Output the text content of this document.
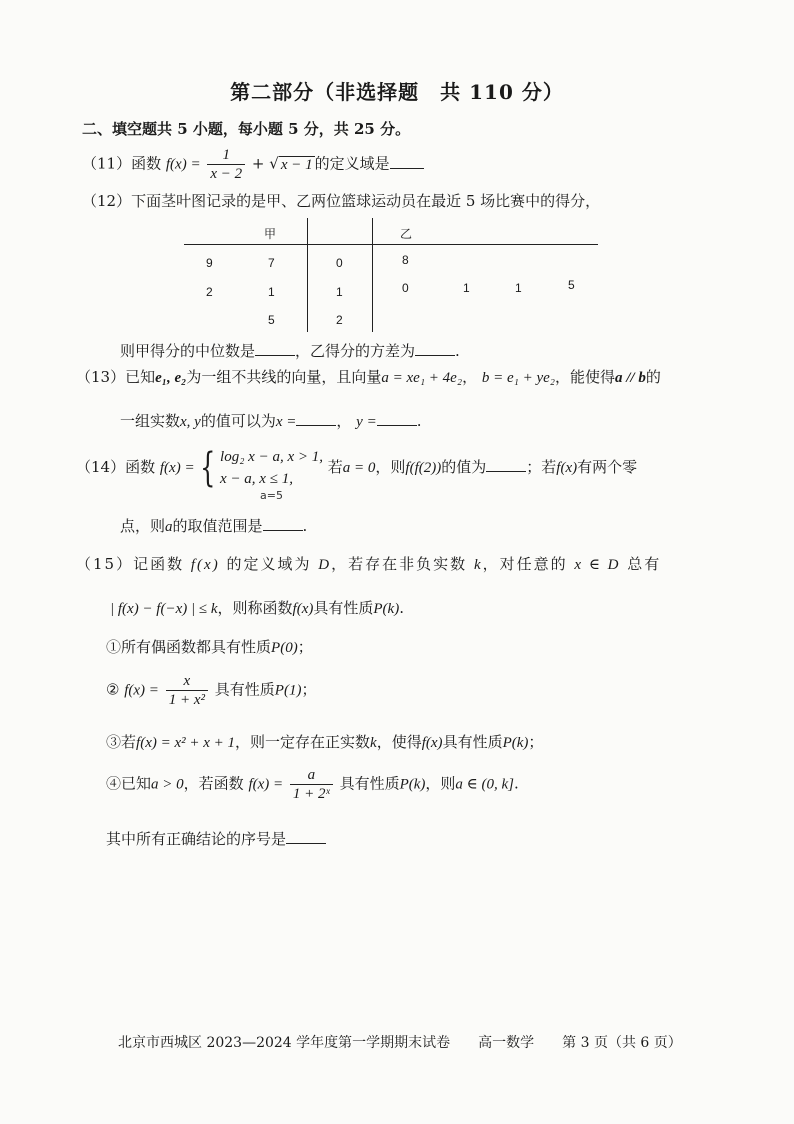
第二部分（非选择题　共 110 分）
二、填空题共 5 小题，每小题 5 分，共 25 分。
（11）函数 $f(x) = \frac{1}{x - 2}$ + √ x − 1 的定义域是
（12）下面茎叶图记录的是甲、乙两位篮球运动员在最近 5 场比赛中的得分，
甲	乙
9	7	0	8
2	1	1	0	1	1	5
5	2
则甲得分的中位数是	，乙得分的方差为	.
（13）已知e₁, e₂为一组不共线的向量，且向量a = xe₁ + 4e₂， b = e₁ + ye₂，能使得a // b的
一组实数x, y的值可以为x =	， y =	.
（14）函数 f(x) = { log₂ x − a, x > 1,
x − a, x ≤ 1,
若a = 0，则f(f(2))的值为	；若f(x)有两个零
a=5
点，则a的取值范围是	.
（15）记函数 f(x) 的定义域为 D，若存在非负实数 k，对任意的 x ∈ D 总有
| f(x) − f(−x) | ≤ k，则称函数f(x)具有性质P(k).
①所有偶函数都具有性质P(0)；
② $f(x) = \frac{x}{\text{1 + x²}}$ 具有性质P(1)；
③若f(x) = x² + x + 1，则一定存在正实数k，使得f(x)具有性质P(k)；
④已知a > 0，若函数 $f(x) = \frac{a}{\text{1 + 2ˣ}}$ 具有性质P(k)，则a ∈ (0, k].
其中所有正确结论的序号是
北京市西城区 2023—2024 学年度第一学期期末试卷　　高一数学　　第 3 页（共 6 页）
